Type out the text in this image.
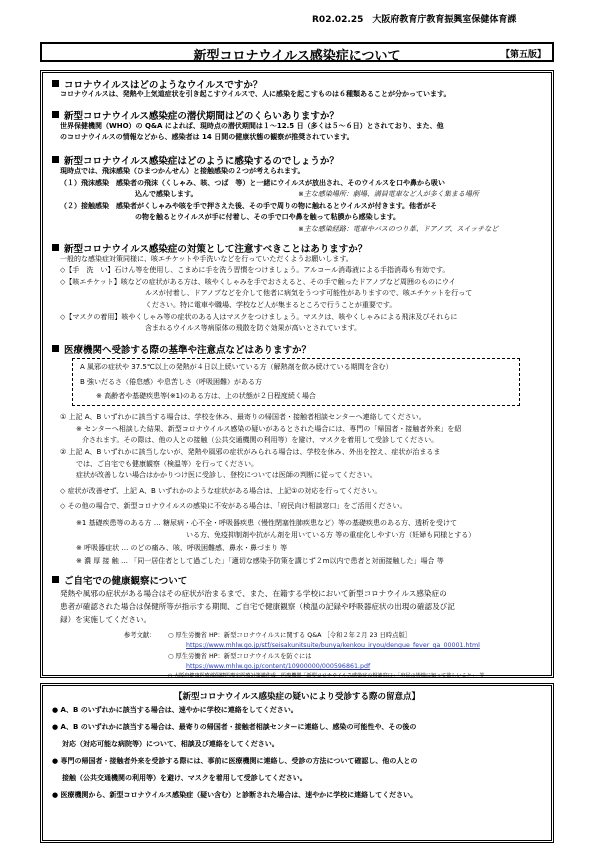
R02.02.25　大阪府教育庁教育振興室保健体育課
新型コロナウイルス感染症について	【第五版】
コロナウイルスはどのようなウイルスですか？
コロナウイルスは、発熱や上気道症状を引き起こすウイルスで、人に感染を起こすものは６種類あることが分かっています。
新型コロナウイルス感染症の潜伏期間はどのくらいありますか？
世界保健機関（WHO）の Q&A によれば、現時点の潜伏期間は１～12.5 日（多くは５～６日）とされており、また、他
のコロナウイルスの情報などから、感染者は 14 日間の健康状態の観察が推奨されています。
新型コロナウイルス感染症はどのように感染するのでしょうか？
現時点では、飛沫感染（ひまつかんせん）と接触感染の２つが考えられます。
（１）飛沫感染　感染者の飛沫（くしゃみ、咳、つば　等）と一緒にウイルスが放出され、そのウイルスを口や鼻から吸い
込んで感染します。	※主な感染場所：劇場、満員電車など人が多く集まる場所
（２）接触感染　感染者がくしゃみや咳を手で押さえた後、その手で周りの物に触れるとウイルスが付きます。他者がそ
の物を触るとウイルスが手に付着し、その手で口や鼻を触って粘膜から感染します。
※主な感染経路：電車やバスのつり革、ドアノブ、スイッチなど
新型コロナウイルス感染症の対策として注意すべきことはありますか？
一般的な感染症対策同様に、咳エチケットや手洗いなどを行っていただくようお願いします。
◇【手　洗　い】石けん等を使用し、こまめに手を洗う習慣をつけましょう。アルコール消毒液による手指消毒も有効です。
◇【咳エチケット】咳などの症状がある方は、咳やくしゃみを手でおさえると、その手で触ったドアノブなど周囲のものにウイ
ルスが付着し、ドアノブなどを介して他者に病気をうつす可能性がありますので、咳エチケットを行って
ください。特に電車や職場、学校など人が集まるところで行うことが重要です。
◇【マスクの着用】咳やくしゃみ等の症状のある人はマスクをつけましょう。マスクは、咳やくしゃみによる飛沫及びそれらに
含まれるウイルス等病原体の飛散を防ぐ効果が高いとされています。
医療機関へ受診する際の基準や注意点などはありますか？
A 風邪の症状や 37.5℃以上の発熱が４日以上続いている方（解熱剤を飲み続けている期間を含む）
B 強いだるさ（倦怠感）や息苦しさ（呼吸困難）がある方
※ 高齢者や基礎疾患等(※1)のある方は、上の状態が２日程度続く場合
① 上記 A、B いずれかに該当する場合は、学校を休み、最寄りの帰国者・接触者相談センターへ連絡してください。
※ センターへ相談した結果、新型コロナウイルス感染の疑いがあるとされた場合には、専門の「帰国者・接触者外来」を紹
介されます。その際は、他の人との接触（公共交通機関の利用等）を避け、マスクを着用して受診してください。
② 上記 A、B いずれかに該当しないが、発熱や風邪の症状がみられる場合は、学校を休み、外出を控え、症状が治まるま
では、ご自宅でも健康観察（検温等）を行ってください。
症状が改善しない場合はかかりつけ医に受診し、登校については医師の判断に従ってください。
◇ 症状が改善せず、上記 A、B いずれかのような症状がある場合は、上記①の対応を行ってください。
◇ その他の場合で、新型コロナウイルスの感染に不安がある場合は、「府民向け相談窓口」をご活用ください。
※1 基礎疾患等のある方 … 糖尿病・心不全・呼吸器疾患（慢性閉塞性肺疾患など）等の基礎疾患のある方、透析を受けて
いる方、免疫抑制剤や抗がん剤を用いている方 等の重症化しやすい方（妊婦も同様とする）
※ 呼吸器症状 … のどの痛み、咳、呼吸困難感、鼻水・鼻づまり 等
※ 濃 厚 接 触 … 「同一居住者として過ごした」「適切な感染予防策を講じず２m以内で患者と対面接触した」場合 等
ご自宅での健康観察について
発熱や風邪の症状がある場合はその症状が治まるまで、また、在籍する学校において新型コロナウイルス感染症の
患者が確認された場合は保健所等が指示する期間、ご自宅で健康観察（検温の記録や呼吸器症状の出現の確認及び記
録）を実施してください。
参考文献： ○ 厚生労働省 HP：新型コロナウイルスに関する Q&A ［令和２年２月 23 日時点版］
https://www.mhlw.go.jp/stf/seisakunitsuite/bunya/kenkou_iryou/dengue_fever_qa_00001.html
○ 厚生労働省 HP：新型コロナウイルスを防ぐには
https://www.mhlw.go.jp/content/10900000/000596861.pdf
○ 大阪府健康医療部保健医療室医療対策課作成　医療機関「新型コロナウイルス感染症の相談窓口」「府民の皆様に知って欲しいこと」　等
【新型コロナウイルス感染症の疑いにより受診する際の留意点】
● A、B のいずれかに該当する場合は、速やかに学校に連絡をしてください。
● A、B のいずれかに該当する場合は、最寄りの帰国者・接触者相談センターに連絡し、感染の可能性や、その後の
対応（対応可能な病院等）について、相談及び連絡をしてください。
● 専門の帰国者・接触者外来を受診する際には、事前に医療機関に連絡し、受診の方法について確認し、他の人との
接触（公共交通機関の利用等）を避け、マスクを着用して受診してください。
● 医療機関から、新型コロナウイルス感染症（疑い含む）と診断された場合は、速やかに学校に連絡してください。
